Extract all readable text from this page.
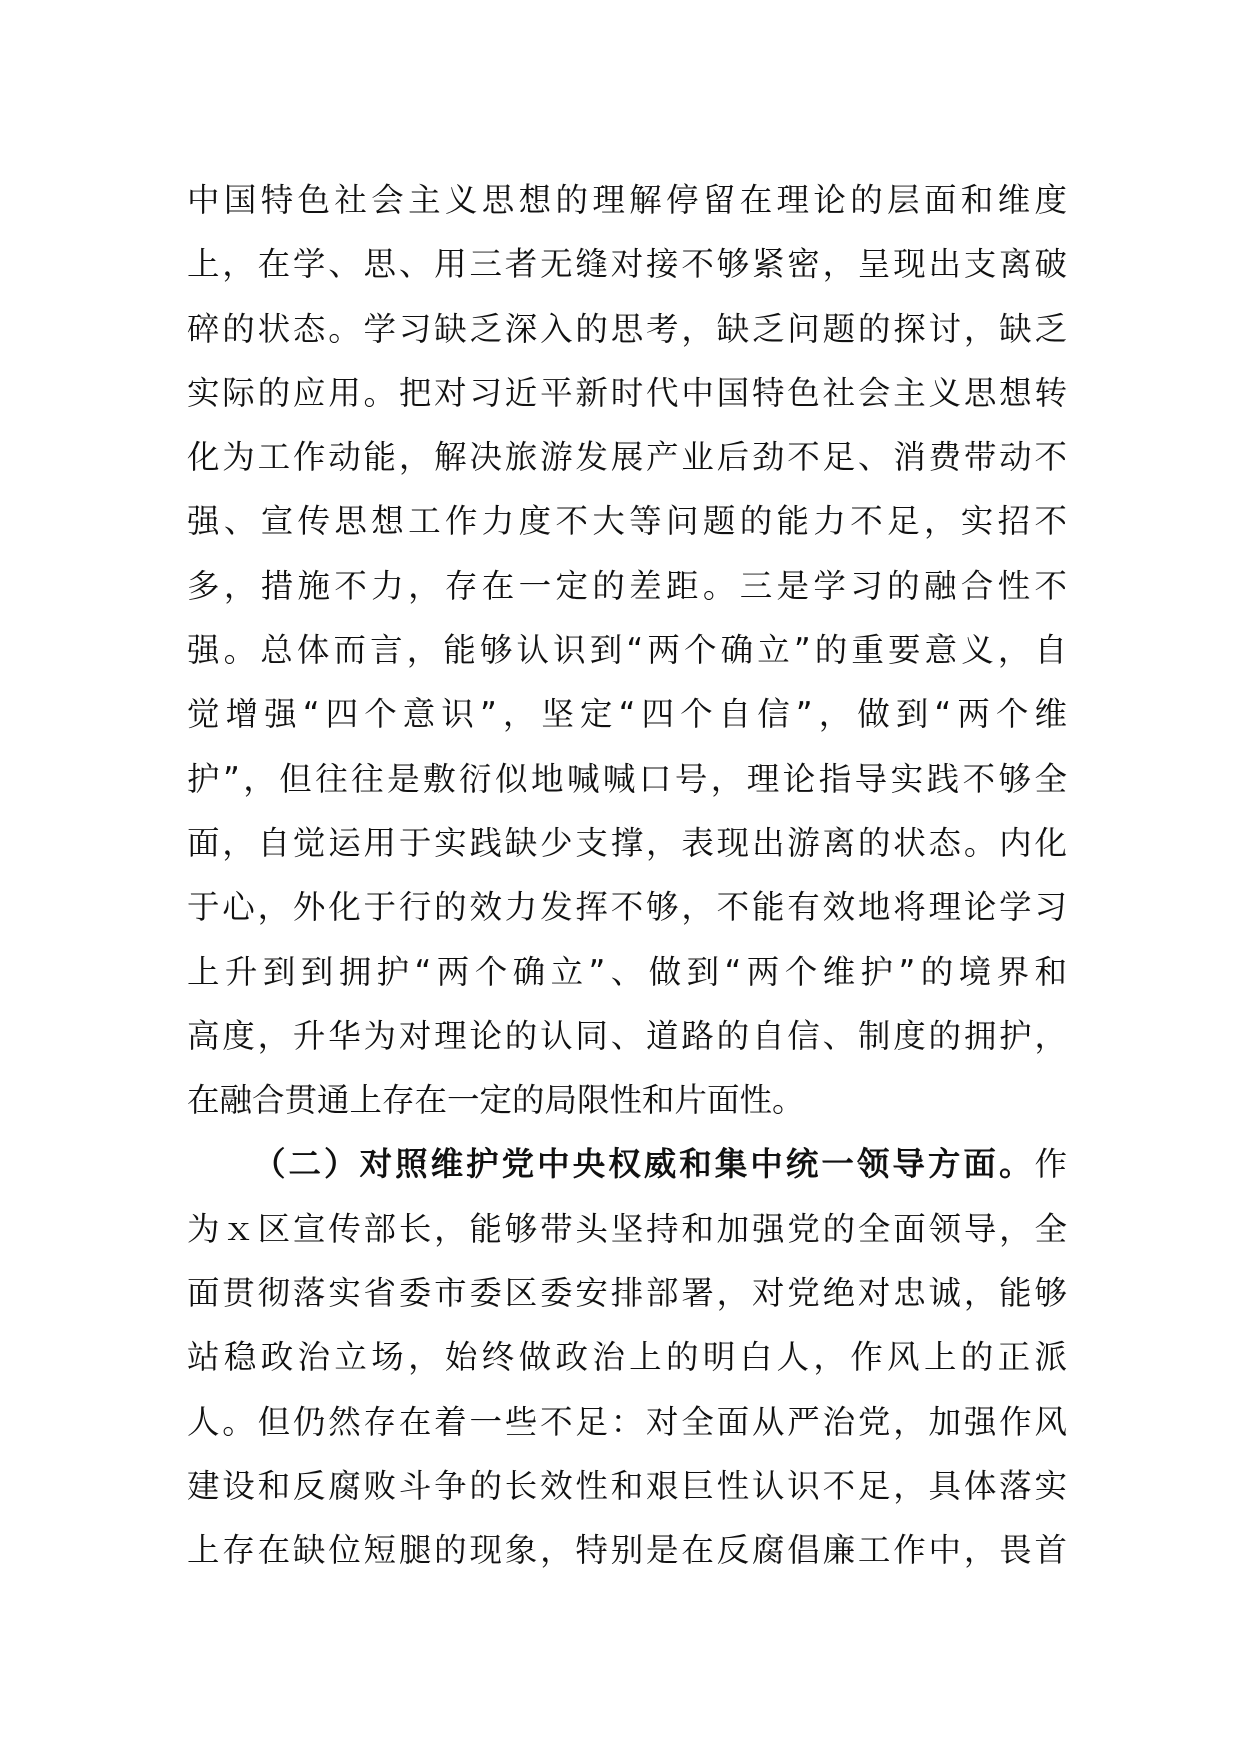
中国特色社会主义思想的理解停留在理论的层面和维度
上，在学、思、用三者无缝对接不够紧密，呈现出支离破
碎的状态。学习缺乏深入的思考，缺乏问题的探讨，缺乏
实际的应用。把对习近平新时代中国特色社会主义思想转
化为工作动能，解决旅游发展产业后劲不足、消费带动不
强、宣传思想工作力度不大等问题的能力不足，实招不
多，措施不力，存在一定的差距。三是学习的融合性不
强。总体而言，能够认识到“两个确立”的重要意义，自
觉增强“四个意识”，坚定“四个自信”，做到“两个维
护”，但往往是敷衍似地喊喊口号，理论指导实践不够全
面，自觉运用于实践缺少支撑，表现出游离的状态。内化
于心，外化于行的效力发挥不够，不能有效地将理论学习
上升到到拥护“两个确立”、做到“两个维护”的境界和
高度，升华为对理论的认同、道路的自信、制度的拥护，
在融合贯通上存在一定的局限性和片面性。
（二）对照维护党中央权威和集中统一领导方面。作
为ｘ区宣传部长，能够带头坚持和加强党的全面领导，全
面贯彻落实省委市委区委安排部署，对党绝对忠诚，能够
站稳政治立场，始终做政治上的明白人，作风上的正派
人。但仍然存在着一些不足：对全面从严治党，加强作风
建设和反腐败斗争的长效性和艰巨性认识不足，具体落实
上存在缺位短腿的现象，特别是在反腐倡廉工作中，畏首
